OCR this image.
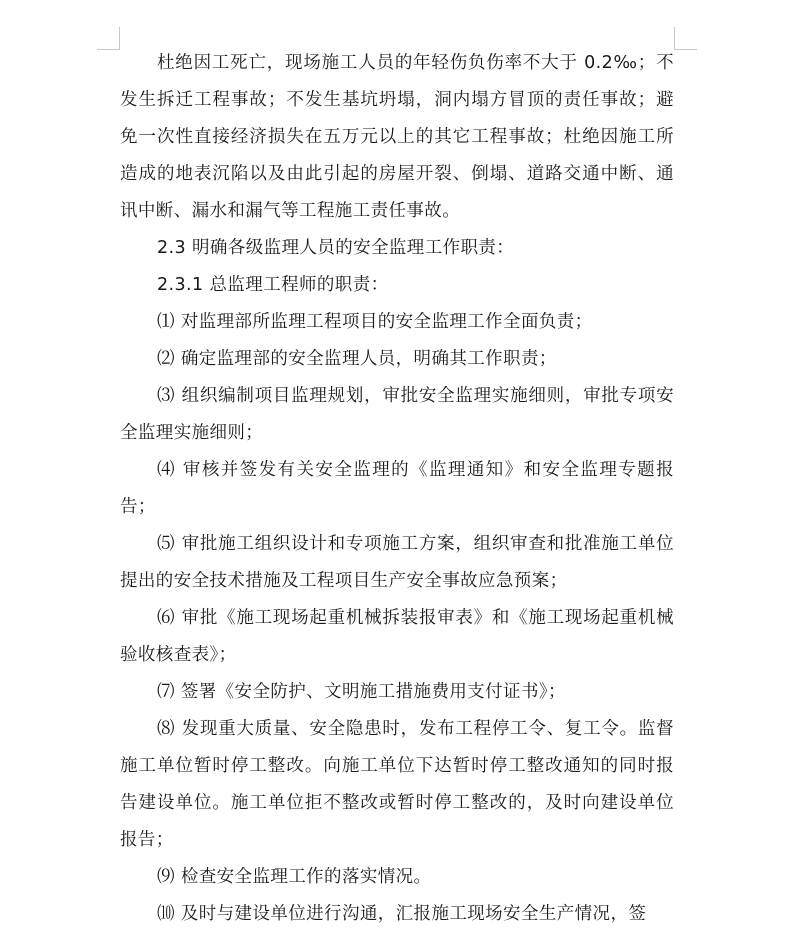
杜绝因工死亡，现场施工人员的年轻伤负伤率不大于 0.2‰；不发生拆迁工程事故；不发生基坑坍塌，洞内塌方冒顶的责任事故；避免一次性直接经济损失在五万元以上的其它工程事故；杜绝因施工所造成的地表沉陷以及由此引起的房屋开裂、倒塌、道路交通中断、通讯中断、漏水和漏气等工程施工责任事故。

2.3 明确各级监理人员的安全监理工作职责：

2.3.1 总监理工程师的职责：

⑴ 对监理部所监理工程项目的安全监理工作全面负责；

⑵ 确定监理部的安全监理人员，明确其工作职责；

⑶ 组织编制项目监理规划，审批安全监理实施细则，审批专项安全监理实施细则；

⑷ 审核并签发有关安全监理的《监理通知》和安全监理专题报告；

⑸ 审批施工组织设计和专项施工方案，组织审查和批准施工单位提出的安全技术措施及工程项目生产安全事故应急预案；

⑹ 审批《施工现场起重机械拆装报审表》和《施工现场起重机械验收核查表》；

⑺ 签署《安全防护、文明施工措施费用支付证书》；

⑻ 发现重大质量、安全隐患时，发布工程停工令、复工令。监督施工单位暂时停工整改。向施工单位下达暂时停工整改通知的同时报告建设单位。施工单位拒不整改或暂时停工整改的，及时向建设单位报告；

⑼ 检查安全监理工作的落实情况。

⑽ 及时与建设单位进行沟通，汇报施工现场安全生产情况，签
